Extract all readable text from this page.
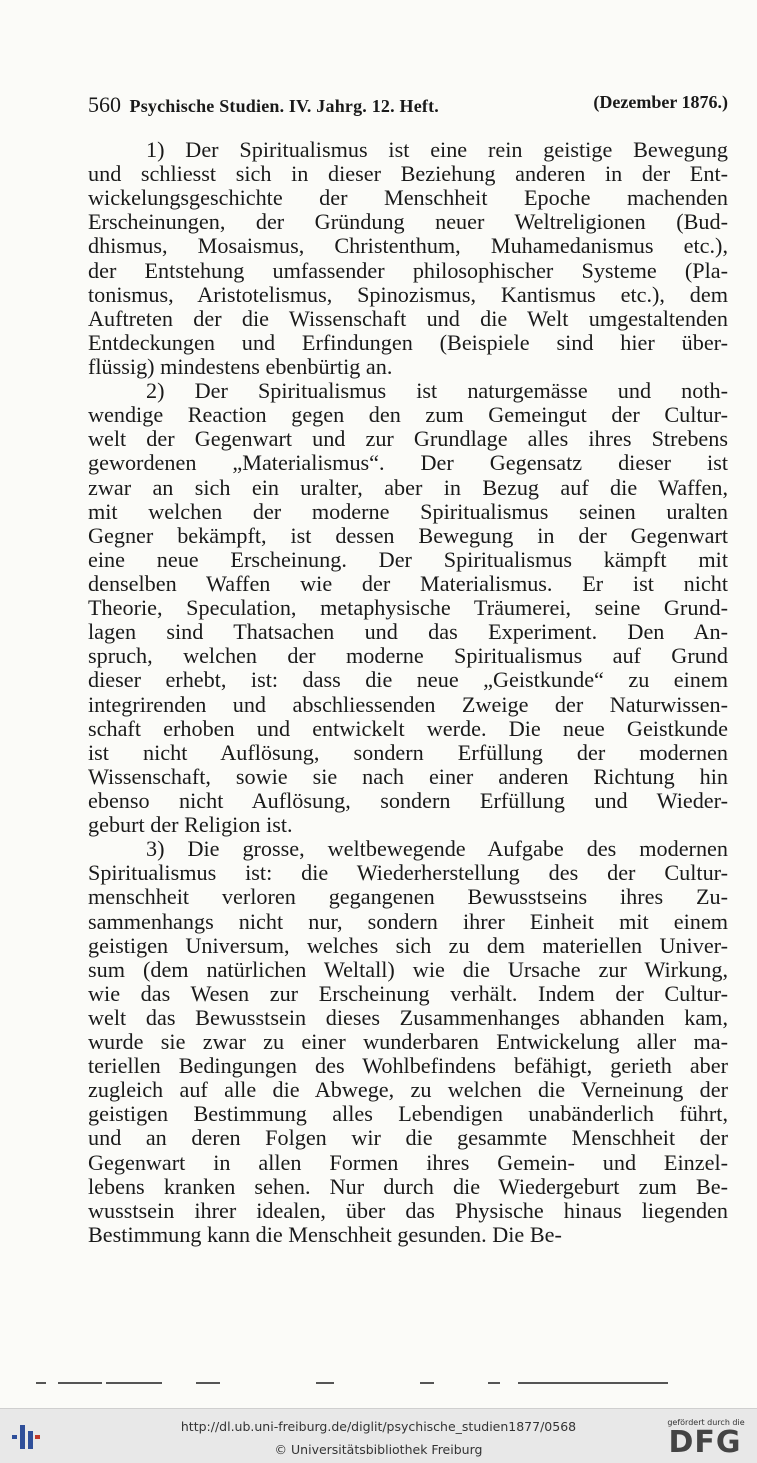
560 Psychische Studien. IV. Jahrg. 12. Heft.	(Dezember 1876.)
1) Der Spiritualismus ist eine rein geistige Bewegung
und schliesst sich in dieser Beziehung anderen in der Ent-
wickelungsgeschichte der Menschheit Epoche machenden
Erscheinungen, der Gründung neuer Weltreligionen (Bud-
dhismus, Mosaismus, Christenthum, Muhamedanismus etc.),
der Entstehung umfassender philosophischer Systeme (Pla-
tonismus, Aristotelismus, Spinozismus, Kantismus etc.), dem
Auftreten der die Wissenschaft und die Welt umgestaltenden
Entdeckungen und Erfindungen (Beispiele sind hier über-
flüssig) mindestens ebenbürtig an.
2) Der Spiritualismus ist naturgemässe und noth-
wendige Reaction gegen den zum Gemeingut der Cultur-
welt der Gegenwart und zur Grundlage alles ihres Strebens
gewordenen „Materialismus“. Der Gegensatz dieser ist
zwar an sich ein uralter, aber in Bezug auf die Waffen,
mit welchen der moderne Spiritualismus seinen uralten
Gegner bekämpft, ist dessen Bewegung in der Gegenwart
eine neue Erscheinung. Der Spiritualismus kämpft mit
denselben Waffen wie der Materialismus. Er ist nicht
Theorie, Speculation, metaphysische Träumerei, seine Grund-
lagen sind Thatsachen und das Experiment. Den An-
spruch, welchen der moderne Spiritualismus auf Grund
dieser erhebt, ist: dass die neue „Geistkunde“ zu einem
integrirenden und abschliessenden Zweige der Naturwissen-
schaft erhoben und entwickelt werde. Die neue Geistkunde
ist nicht Auflösung, sondern Erfüllung der modernen
Wissenschaft, sowie sie nach einer anderen Richtung hin
ebenso nicht Auflösung, sondern Erfüllung und Wieder-
geburt der Religion ist.
3) Die grosse, weltbewegende Aufgabe des modernen
Spiritualismus ist: die Wiederherstellung des der Cultur-
menschheit verloren gegangenen Bewusstseins ihres Zu-
sammenhangs nicht nur, sondern ihrer Einheit mit einem
geistigen Universum, welches sich zu dem materiellen Univer-
sum (dem natürlichen Weltall) wie die Ursache zur Wirkung,
wie das Wesen zur Erscheinung verhält. Indem der Cultur-
welt das Bewusstsein dieses Zusammenhanges abhanden kam,
wurde sie zwar zu einer wunderbaren Entwickelung aller ma-
teriellen Bedingungen des Wohlbefindens befähigt, gerieth aber
zugleich auf alle die Abwege, zu welchen die Verneinung der
geistigen Bestimmung alles Lebendigen unabänderlich führt,
und an deren Folgen wir die gesammte Menschheit der
Gegenwart in allen Formen ihres Gemein- und Einzel-
lebens kranken sehen. Nur durch die Wiedergeburt zum Be-
wusstsein ihrer idealen, über das Physische hinaus liegenden
Bestimmung kann die Menschheit gesunden. Die Be-
http://dl.ub.uni-freiburg.de/diglit/psychische_studien1877/0568
© Universitätsbibliothek Freiburg
gefördert durch die
DFG
